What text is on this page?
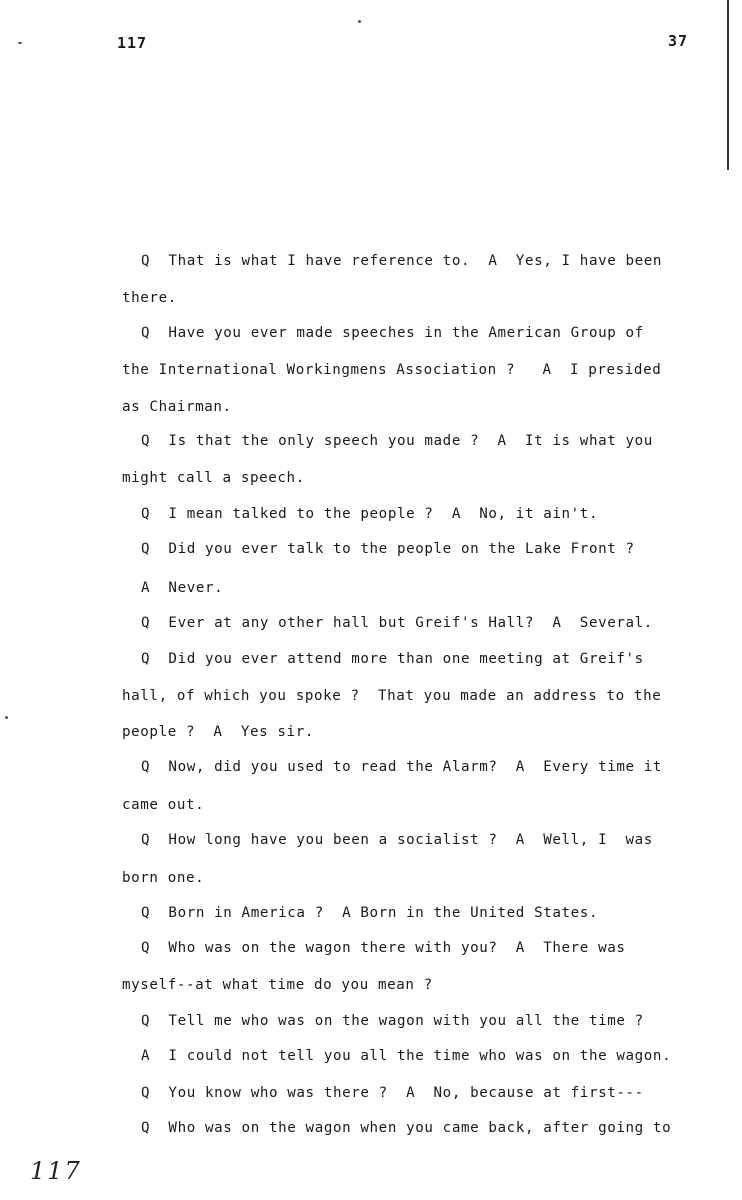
117	37
Q  That is what I have reference to.  A  Yes, I have been
there.
Q  Have you ever made speeches in the American Group of
the International Workingmens Association ?   A  I presided
as Chairman.
Q  Is that the only speech you made ?  A  It is what you
might call a speech.
Q  I mean talked to the people ?  A  No, it ain't.
Q  Did you ever talk to the people on the Lake Front ?
A  Never.
Q  Ever at any other hall but Greif's Hall?  A  Several.
Q  Did you ever attend more than one meeting at Greif's
hall, of which you spoke ?  That you made an address to the
people ?  A  Yes sir.
Q  Now, did you used to read the Alarm?  A  Every time it
came out.
Q  How long have you been a socialist ?  A  Well, I  was
born one.
Q  Born in America ?  A Born in the United States.
Q  Who was on the wagon there with you?  A  There was
myself--at what time do you mean ?
Q  Tell me who was on the wagon with you all the time ?
A  I could not tell you all the time who was on the wagon.
Q  You know who was there ?  A  No, because at first---
Q  Who was on the wagon when you came back, after going to
117
